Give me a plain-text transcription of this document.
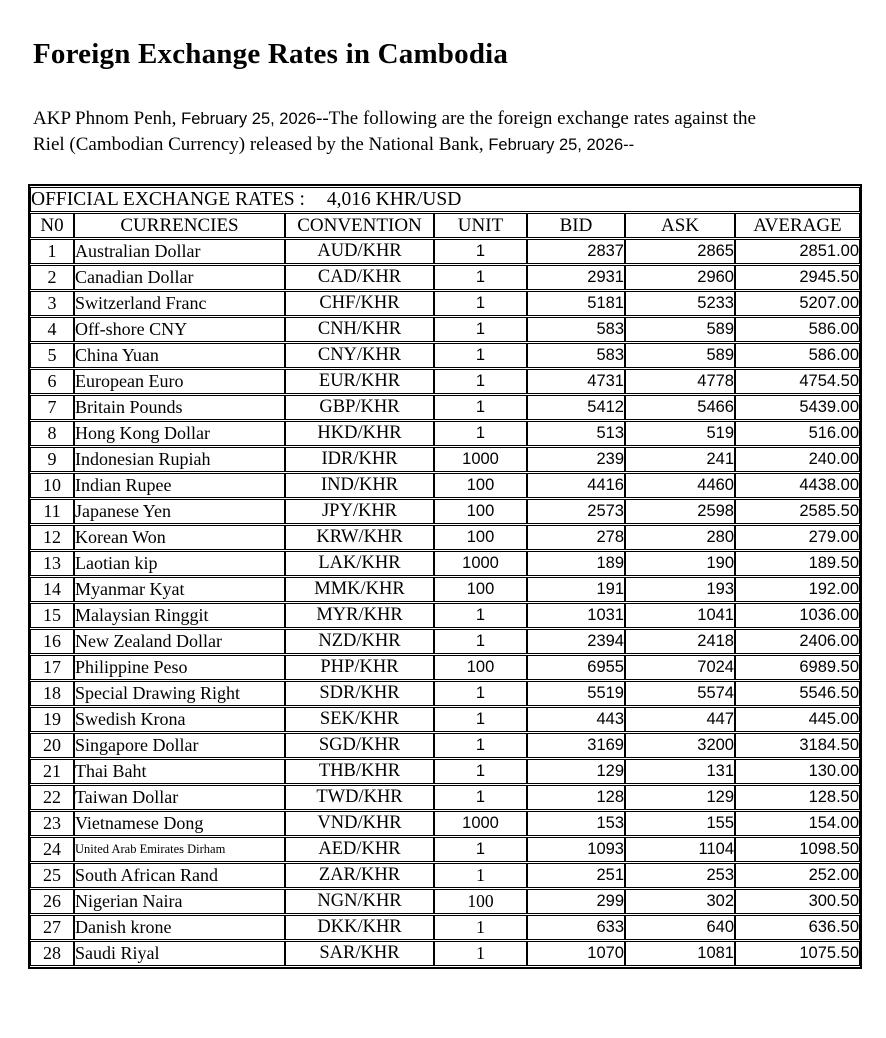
Foreign Exchange Rates in Cambodia
AKP Phnom Penh, February 25, 2026--The following are the foreign exchange rates against the
Riel (Cambodian Currency) released by the National Bank, February 25, 2026--
OFFICIAL EXCHANGE RATES : 4,016 KHR/USD						
N0	CURRENCIES	CONVENTION	UNIT	BID	ASK	AVERAGE
1	Australian Dollar	AUD/KHR	1	2837	2865	2851.00
2	Canadian Dollar	CAD/KHR	1	2931	2960	2945.50
3	Switzerland Franc	CHF/KHR	1	5181	5233	5207.00
4	Off-shore CNY	CNH/KHR	1	583	589	586.00
5	China Yuan	CNY/KHR	1	583	589	586.00
6	European Euro	EUR/KHR	1	4731	4778	4754.50
7	Britain Pounds	GBP/KHR	1	5412	5466	5439.00
8	Hong Kong Dollar	HKD/KHR	1	513	519	516.00
9	Indonesian Rupiah	IDR/KHR	1000	239	241	240.00
10	Indian Rupee	IND/KHR	100	4416	4460	4438.00
11	Japanese Yen	JPY/KHR	100	2573	2598	2585.50
12	Korean Won	KRW/KHR	100	278	280	279.00
13	Laotian kip	LAK/KHR	1000	189	190	189.50
14	Myanmar Kyat	MMK/KHR	100	191	193	192.00
15	Malaysian Ringgit	MYR/KHR	1	1031	1041	1036.00
16	New Zealand Dollar	NZD/KHR	1	2394	2418	2406.00
17	Philippine Peso	PHP/KHR	100	6955	7024	6989.50
18	Special Drawing Right	SDR/KHR	1	5519	5574	5546.50
19	Swedish Krona	SEK/KHR	1	443	447	445.00
20	Singapore Dollar	SGD/KHR	1	3169	3200	3184.50
21	Thai Baht	THB/KHR	1	129	131	130.00
22	Taiwan Dollar	TWD/KHR	1	128	129	128.50
23	Vietnamese Dong	VND/KHR	1000	153	155	154.00
24	United Arab Emirates Dirham	AED/KHR	1	1093	1104	1098.50
25	South African Rand	ZAR/KHR	1	251	253	252.00
26	Nigerian Naira	NGN/KHR	100	299	302	300.50
27	Danish krone	DKK/KHR	1	633	640	636.50
28	Saudi Riyal	SAR/KHR	1	1070	1081	1075.50
